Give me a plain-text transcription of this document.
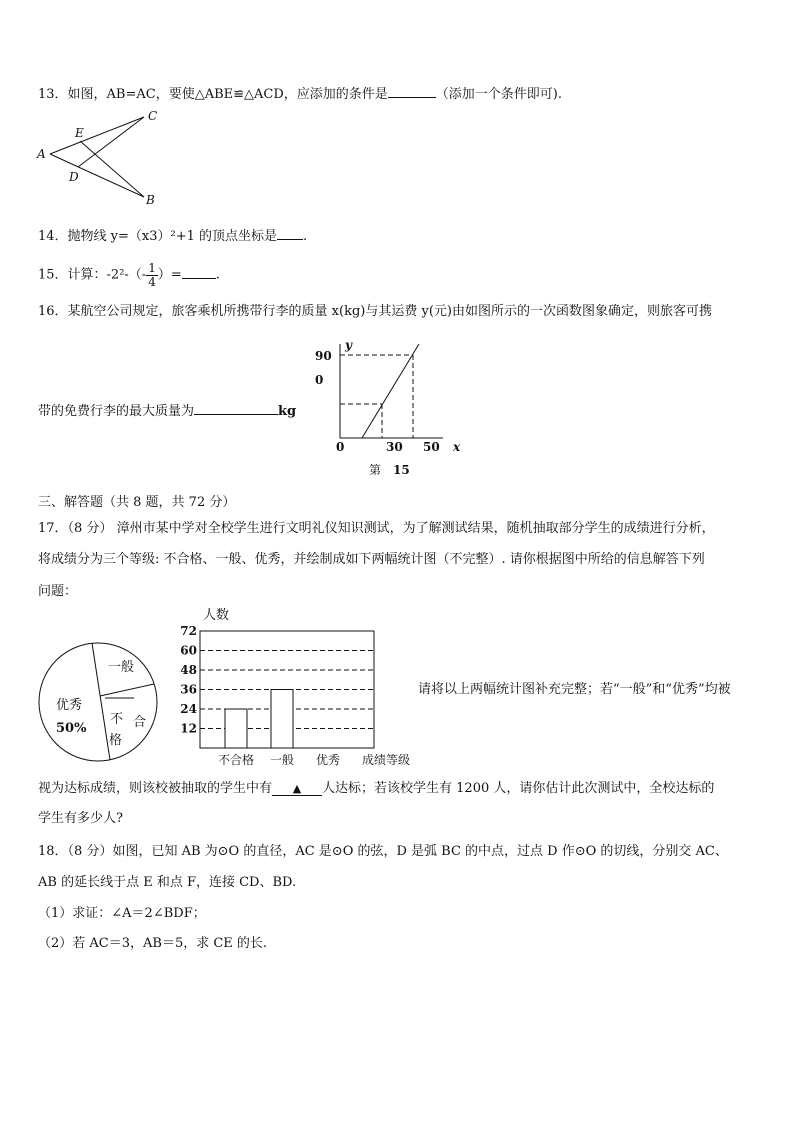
13．如图，AB=AC，要使△ABE≌△ACD，应添加的条件是	（添加一个条件即可).
A
E
C
D
B
14．抛物线 y=（x3）²+1 的顶点坐标是 .
15．计算：$-2^2-(- \frac{1}{4}$ ）=	.
16．某航空公司规定，旅客乘机所携带行李的质量 x(kg)与其运费 y(元)由如图所示的一次函数图象确定，则旅客可携
带的免费行李的最大质量为	kg
y
90
0
0	30 50 x
第 15
三、解答题（共 8 题，共 72 分）
17．（8 分） 漳州市某中学对全校学生进行文明礼仪知识测试，为了解测试结果，随机抽取部分学生的成绩进行分析，
将成绩分为三个等级: 不合格、一般、优秀，并绘制成如下两幅统计图（不完整）. 请你根据图中所给的信息解答下列
问题：
一般
优秀
50%
不 合
格
人数
成绩等级
12
24
36
48
60
72
不合格 一般 优秀
请将以上两幅统计图补充完整；若“一般”和“优秀”均被
视为达标成绩，则该校被抽取的学生中有 ▲ 人达标；若该校学生有 1200 人，请你估计此次测试中，全校达标的
学生有多少人?
18．（8 分）如图，已知 AB 为⊙O 的直径，AC 是⊙O 的弦，D 是弧 BC 的中点，过点 D 作⊙O 的切线，分别交 AC、
AB 的延长线于点 E 和点 F，连接 CD、BD.
（1）求证：∠A＝2∠BDF；
（2）若 AC＝3，AB＝5，求 CE 的长.
